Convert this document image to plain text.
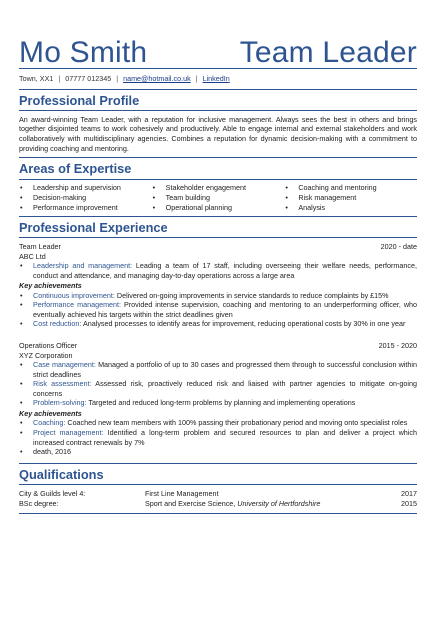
Mo Smith	Team Leader
Town, XX1 | 07777 012345 | name@hotmail.co.uk | LinkedIn
Professional Profile

An award-winning Team Leader, with a reputation for inclusive management. Always sees the best in others and brings together disjointed teams to work cohesively and productively. Able to engage internal and external stakeholders and work collaboratively with multidisciplinary agencies. Combines a reputation for dynamic decision-making with a commitment to providing coaching and mentoring.

Areas of Expertise
• Leadership and supervision
• Decision-making
• Performance improvement
• Stakeholder engagement
• Team building
• Operational planning
• Coaching and mentoring
• Risk management
• Analysis
Professional Experience
Team Leader	2020 - date
ABC Ltd
• Leadership and management: Leading a team of 17 staff, including overseeing their welfare needs, performance, conduct and attendance, and managing day-to-day operations across a large area
Key achievements
• Continuous improvement: Delivered on-going improvements in service standards to reduce complaints by £15%
• Performance management: Provided intense supervision, coaching and mentoring to an underperforming officer, who eventually achieved his targets within the strict deadlines given
• Cost reduction: Analysed processes to identify areas for improvement, reducing operational costs by 30% in one year
Operations Officer	2015 - 2020
XYZ Corporation
• Case management: Managed a portfolio of up to 30 cases and progressed them through to successful conclusion within strict deadlines
• Risk assessment: Assessed risk, proactively reduced risk and liaised with partner agencies to mitigate on-going concerns
• Problem-solving: Targeted and reduced long-term problems by planning and implementing operations
Key achievements
• Coaching: Coached new team members with 100% passing their probationary period and moving onto specialist roles
• Project management: Identified a long-term problem and secured resources to plan and deliver a project which increased contract renewals by 7%
• death, 2016
Qualifications
City & Guilds level 4:	First Line Management	2017
BSc degree:	Sport and Exercise Science, University of Hertfordshire	2015
